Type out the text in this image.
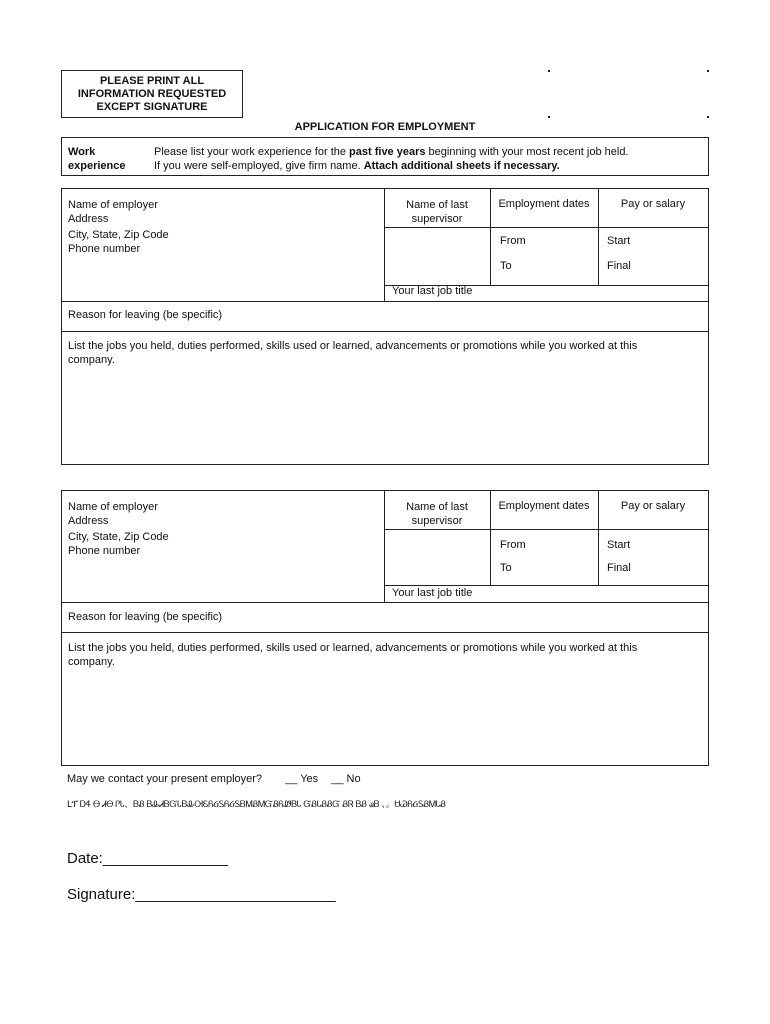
PLEASE PRINT ALL
INFORMATION REQUESTED
EXCEPT SIGNATURE
APPLICATION FOR EMPLOYMENT
Work
experience
Please list your work experience for the past five years beginning with your most recent job held.
If you were self-employed, give firm name. Attach additional sheets if necessary.
Name of employer
Address
City, State, Zip Code
Phone number
Name of last
supervisor
Employment dates	Pay or salary
From
To
Start
Final
Your last job title
Reason for leaving (be specific)
List the jobs you held, duties performed, skills used or learned, advancements or promotions while you worked at this
company.
Name of employer
Address
City, State, Zip Code
Phone number
Name of last
supervisor
Employment dates	Pay or salary
From
To
Start
Final
Your last job title
Reason for leaving (be specific)
List the jobs you held, duties performed, skills used or learned, advancements or promotions while you worked at this
company.
May we contact your present employer? __ Yes __ No
Լፕ ᎠᏎ Ꮎ ᏗᎾ ᎵᏓ、ᏴᏰ ᏴᎲᏗᏴᏳᏓᏴᎲᎺᏋᏲᏵᏚᏲᏵᏚᏴᎷᏰᎷᏳᏰᏲᏪᏴᏓ ᏳᏰᏓᏰᏰᏳ ᏰᏒ ᏴᏰ ᏸᏴ 、。ᏌᏊᏲᏵᏚᏰᎷᏓᏰ
Date:_______________
Signature:________________________
